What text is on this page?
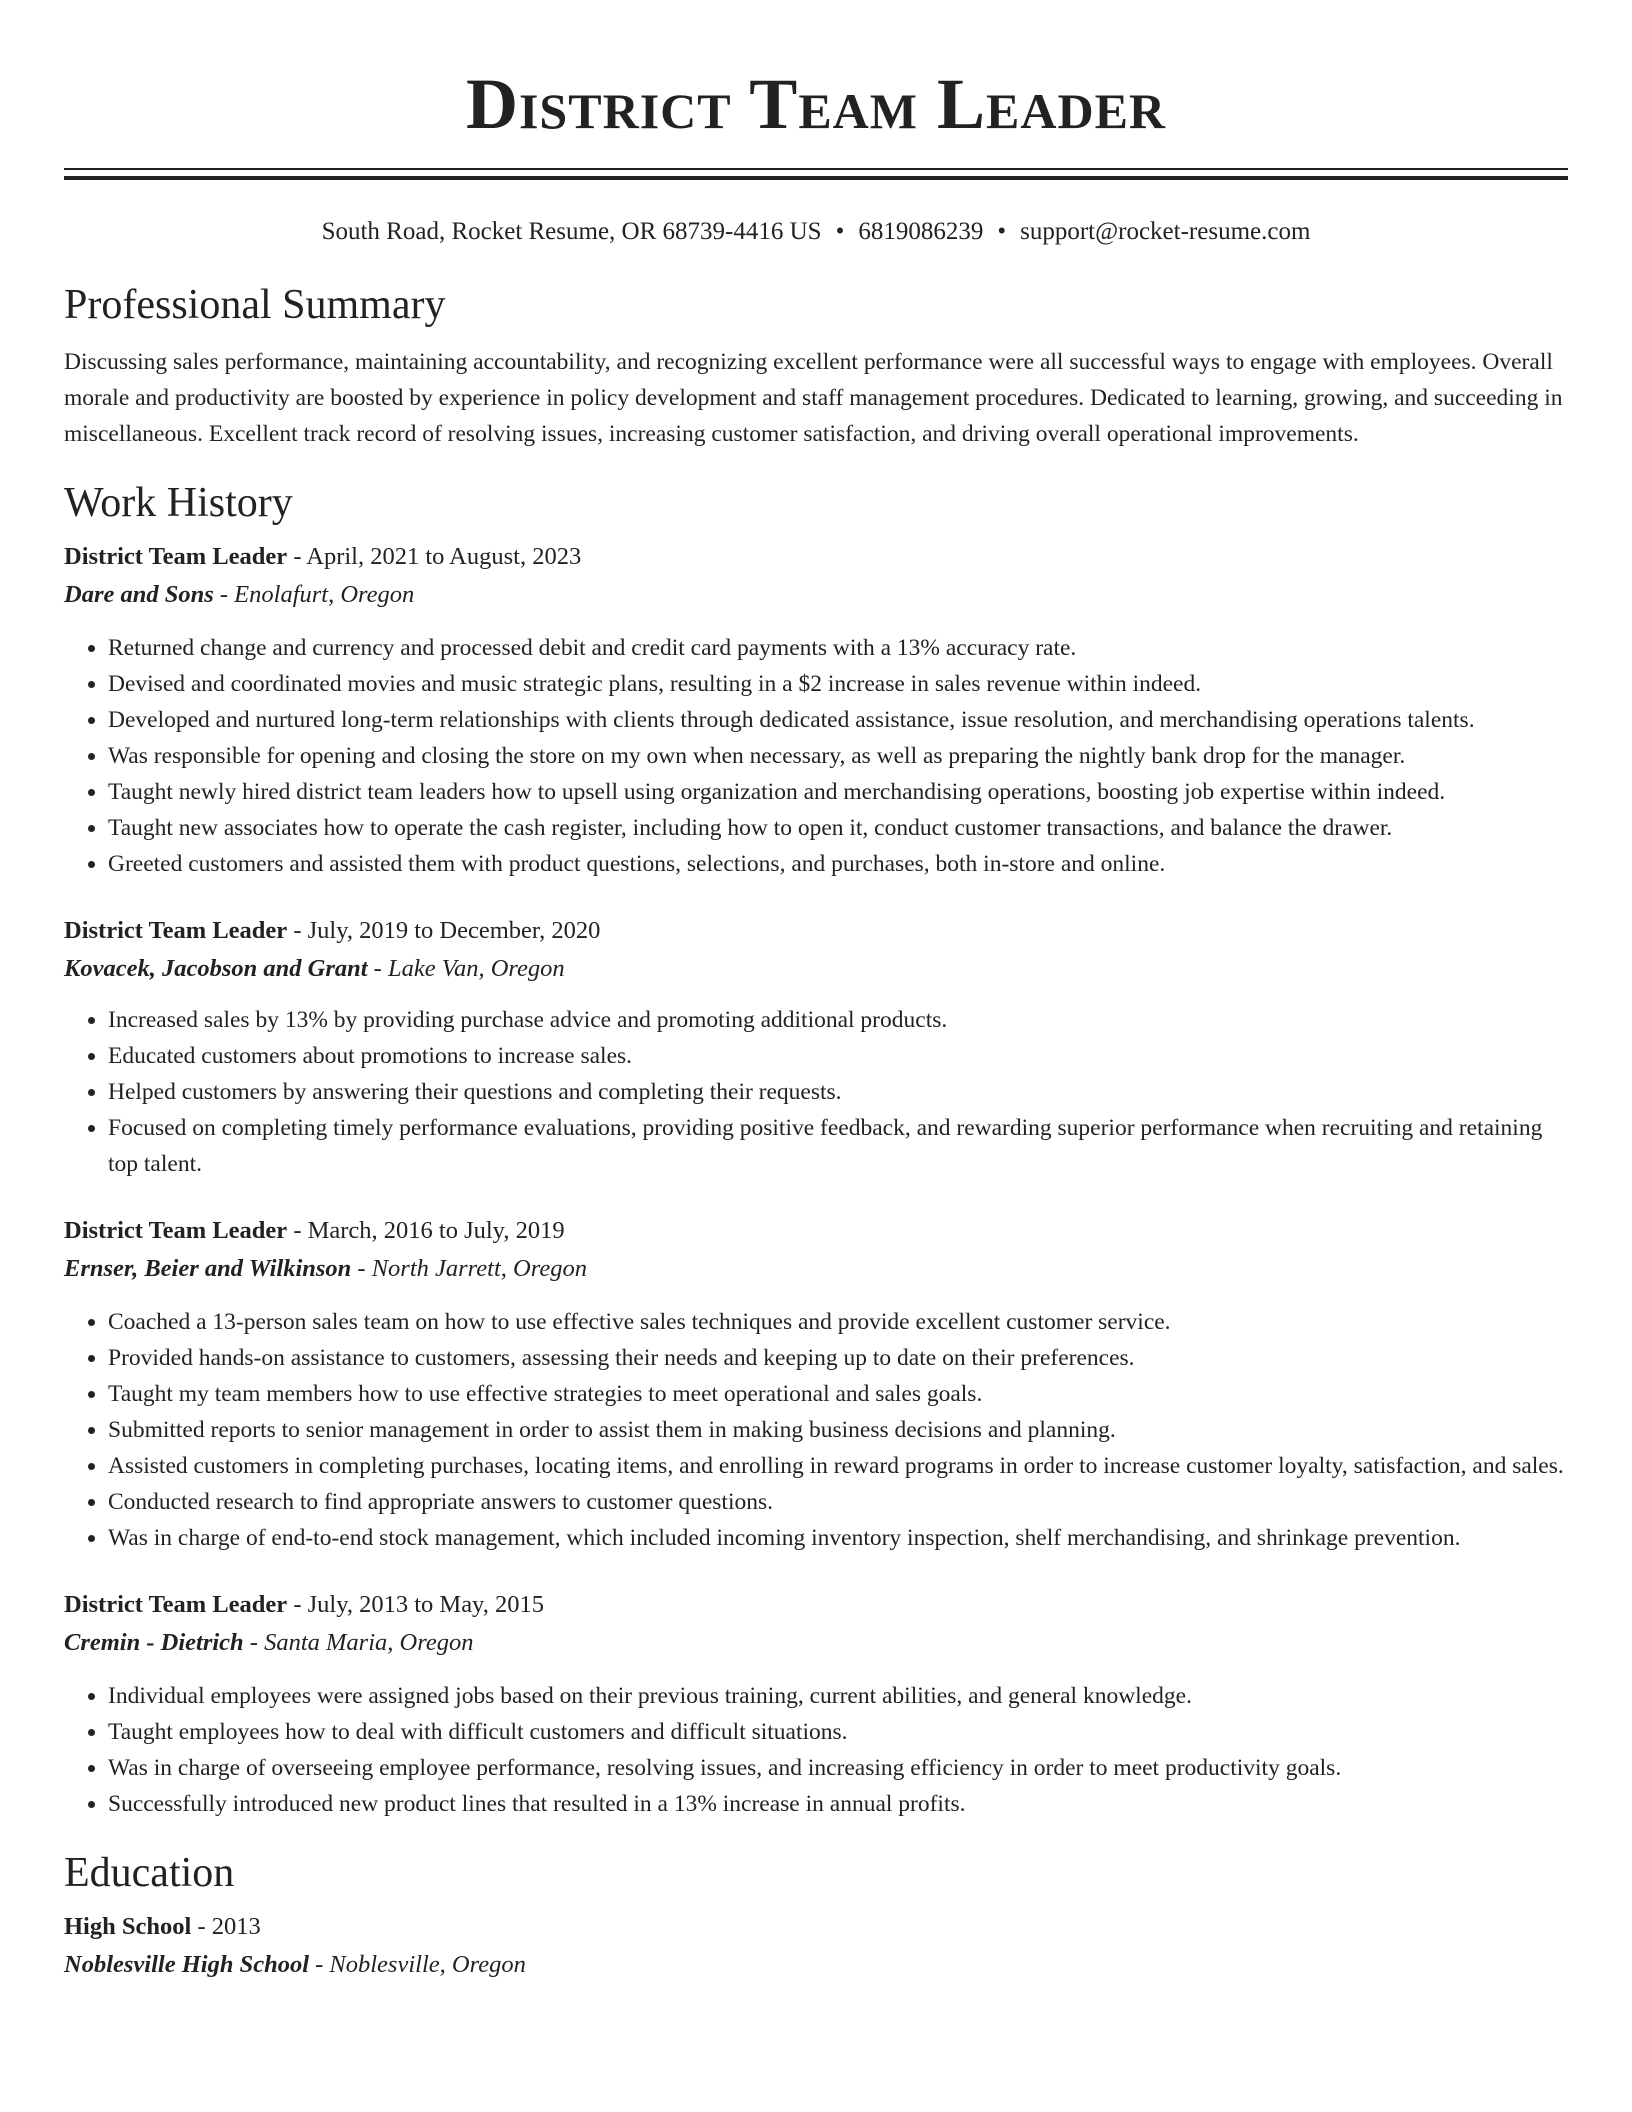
District Team Leader
South Road, Rocket Resume, OR 68739-4416 US • 6819086239 • support@rocket-resume.com
Professional Summary

Discussing sales performance, maintaining accountability, and recognizing excellent performance were all successful ways to engage with employees. Overall morale and productivity are boosted by experience in policy development and staff management procedures. Dedicated to learning, growing, and succeeding in miscellaneous. Excellent track record of resolving issues, increasing customer satisfaction, and driving overall operational improvements.

Work History
District Team Leader - April, 2021 to August, 2023
Dare and Sons - Enolafurt, Oregon
• Returned change and currency and processed debit and credit card payments with a 13% accuracy rate.
• Devised and coordinated movies and music strategic plans, resulting in a $2 increase in sales revenue within indeed.
• Developed and nurtured long-term relationships with clients through dedicated assistance, issue resolution, and merchandising operations talents.
• Was responsible for opening and closing the store on my own when necessary, as well as preparing the nightly bank drop for the manager.
• Taught newly hired district team leaders how to upsell using organization and merchandising operations, boosting job expertise within indeed.
• Taught new associates how to operate the cash register, including how to open it, conduct customer transactions, and balance the drawer.
• Greeted customers and assisted them with product questions, selections, and purchases, both in-store and online.
District Team Leader - July, 2019 to December, 2020
Kovacek, Jacobson and Grant - Lake Van, Oregon
• Increased sales by 13% by providing purchase advice and promoting additional products.
• Educated customers about promotions to increase sales.
• Helped customers by answering their questions and completing their requests.
• Focused on completing timely performance evaluations, providing positive feedback, and rewarding superior performance when recruiting and retaining top talent.
District Team Leader - March, 2016 to July, 2019
Ernser, Beier and Wilkinson - North Jarrett, Oregon
• Coached a 13-person sales team on how to use effective sales techniques and provide excellent customer service.
• Provided hands-on assistance to customers, assessing their needs and keeping up to date on their preferences.
• Taught my team members how to use effective strategies to meet operational and sales goals.
• Submitted reports to senior management in order to assist them in making business decisions and planning.
• Assisted customers in completing purchases, locating items, and enrolling in reward programs in order to increase customer loyalty, satisfaction, and sales.
• Conducted research to find appropriate answers to customer questions.
• Was in charge of end-to-end stock management, which included incoming inventory inspection, shelf merchandising, and shrinkage prevention.
District Team Leader - July, 2013 to May, 2015
Cremin - Dietrich - Santa Maria, Oregon
• Individual employees were assigned jobs based on their previous training, current abilities, and general knowledge.
• Taught employees how to deal with difficult customers and difficult situations.
• Was in charge of overseeing employee performance, resolving issues, and increasing efficiency in order to meet productivity goals.
• Successfully introduced new product lines that resulted in a 13% increase in annual profits.
Education
High School - 2013
Noblesville High School - Noblesville, Oregon
